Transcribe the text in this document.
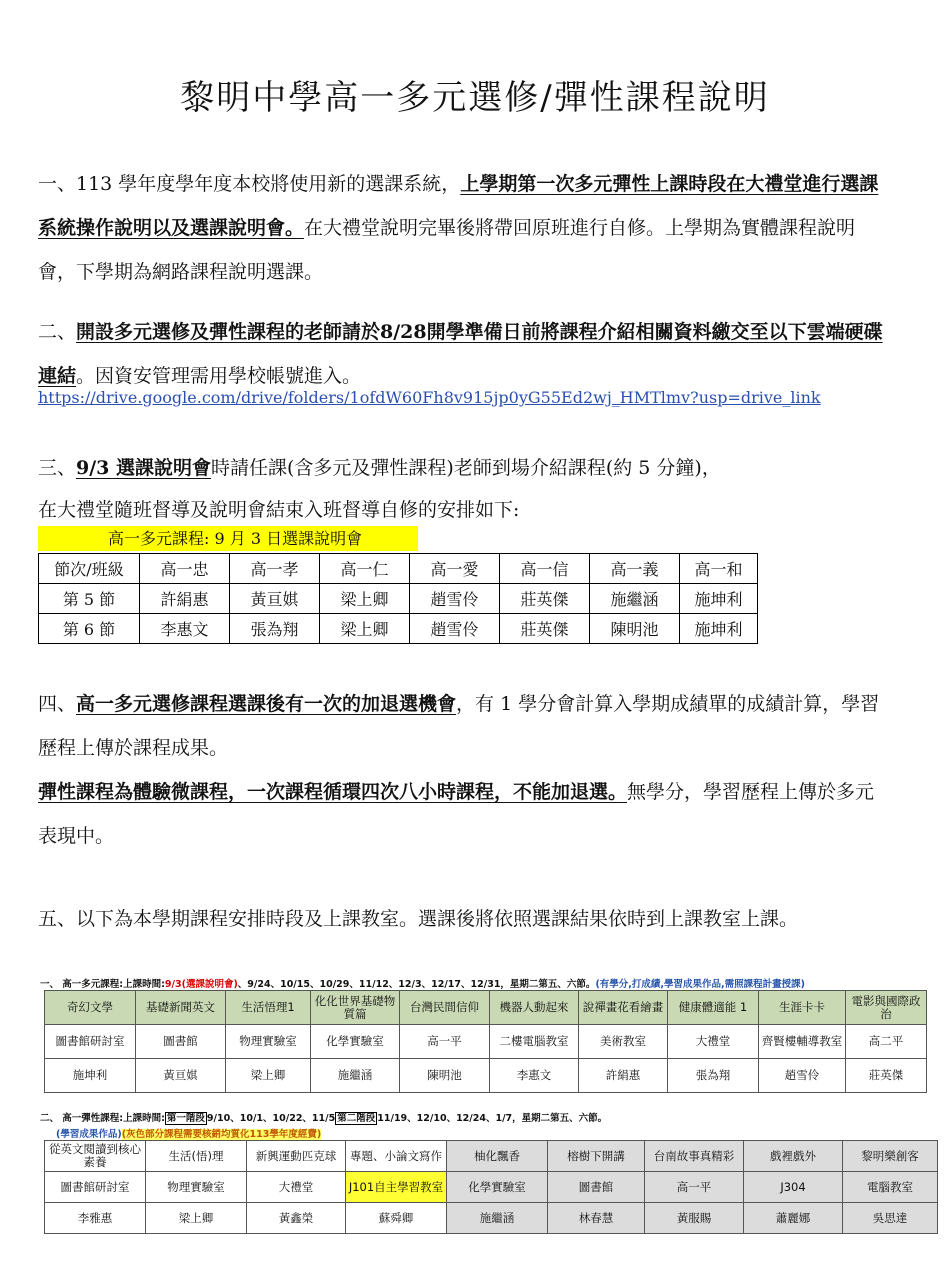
黎明中學高一多元選修/彈性課程說明
一、113 學年度學年度本校將使用新的選課系統，上學期第一次多元彈性上課時段在大禮堂進行選課系統操作說明以及選課說明會。在大禮堂說明完畢後將帶回原班進行自修。上學期為實體課程說明會，下學期為網路課程說明選課。
二、開設多元選修及彈性課程的老師請於8/28開學準備日前將課程介紹相關資料繳交至以下雲端硬碟連結。因資安管理需用學校帳號進入。
https://drive.google.com/drive/folders/1ofdW60Fh8v915jp0yG55Ed2wj_HMTlmv?usp=drive_link
三、9/3 選課說明會時請任課(含多元及彈性課程)老師到場介紹課程(約 5 分鐘)，
在大禮堂隨班督導及說明會結束入班督導自修的安排如下:
高一多元課程: 9 月 3 日選課說明會
節次/班級	高一忠	高一孝	高一仁	高一愛	高一信	高一義	高一和
第 5 節	許絹惠	黃亘娸	梁上卿	趙雪伶	莊英傑	施繼涵	施坤利
第 6 節	李惠文	張為翔	梁上卿	趙雪伶	莊英傑	陳明池	施坤利
四、高一多元選修課程選課後有一次的加退選機會，有 1 學分會計算入學期成績單的成績計算，學習歷程上傳於課程成果。
彈性課程為體驗微課程，一次課程循環四次八小時課程，不能加退選。無學分，學習歷程上傳於多元表現中。
五、以下為本學期課程安排時段及上課教室。選課後將依照選課結果依時到上課教室上課。
一、 高一多元課程:上課時間:9/3(選課說明會)、9/24、10/15、10/29、11/12、12/3、12/17、12/31，星期二第五、六節。(有學分,打成績,學習成果作品,需照課程計畫授課)
奇幻文學	基礎新聞英文	生活悟理1	化化世界基礎物質篇	台灣民間信仰	機器人動起來	說禪畫花看繪畫	健康體適能 1	生涯卡卡	電影與國際政治
圖書館研討室	圖書館	物理實驗室	化學實驗室	高一平	二樓電腦教室	美術教室	大禮堂	齊賢樓輔導教室	高二平
施坤利	黃亘娸	梁上卿	施繼涵	陳明池	李惠文	許絹惠	張為翔	趙雪伶	莊英傑
二、 高一彈性課程:上課時間: 第一階段 9/10、10/1、10/22、11/5 第二階段 11/19、12/10、12/24、1/7，星期二第五、六節。
(學習成果作品)(灰色部分課程需要核銷均質化113學年度經費)
從英文閱讀到核心素養	生活(悟)理	新興運動匹克球	專題、小論文寫作	柚化飄香	榕樹下開講	台南故事真精彩	戲裡戲外	黎明樂創客
圖書館研討室	物理實驗室	大禮堂	J101自主學習教室	化學實驗室	圖書館	高一平	J304	電腦教室
李雅惠	梁上卿	黃鑫榮	蘇舜卿	施繼涵	林春慧	黃服賜	蕭麗娜	吳思達
